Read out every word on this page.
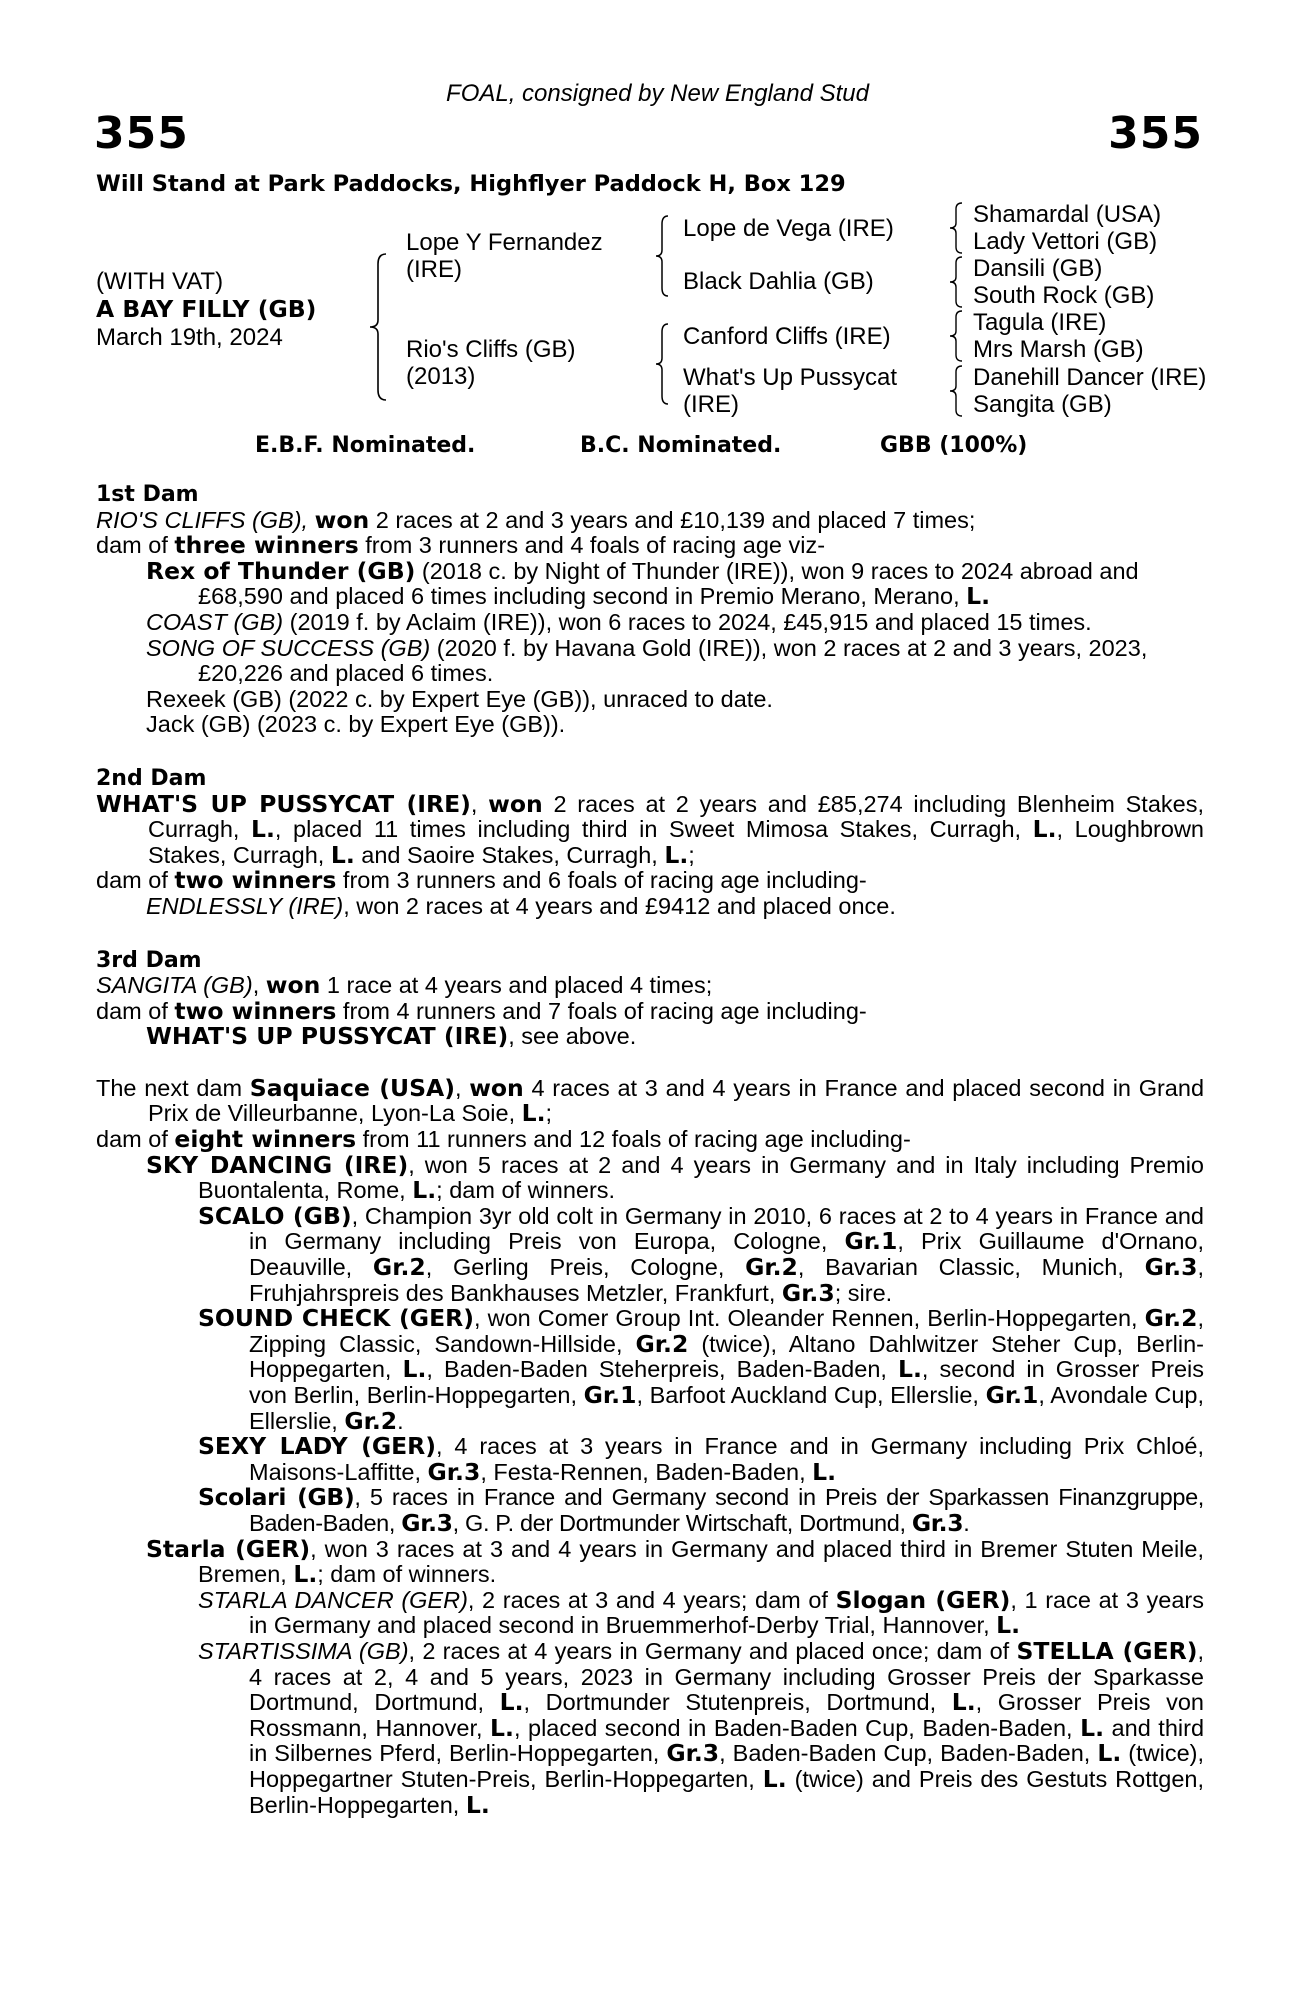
FOAL, consigned by New England Stud
355	355
Will Stand at Park Paddocks, Highflyer Paddock H, Box 129
(WITH VAT)
A BAY FILLY (GB)
March 19th, 2024
Lope Y Fernandez (IRE)
Rio's Cliffs (GB) (2013)
Lope de Vega (IRE)
Black Dahlia (GB)
Canford Cliffs (IRE)
What's Up Pussycat (IRE)
Shamardal (USA)
Lady Vettori (GB)
Dansili (GB)
South Rock (GB)
Tagula (IRE)
Mrs Marsh (GB)
Danehill Dancer (IRE)
Sangita (GB)
E.B.F. Nominated.	B.C. Nominated.	GBB (100%)

1st Dam

RIO'S CLIFFS (GB), won 2 races at 2 and 3 years and £10,139 and placed 7 times;

dam of three winners from 3 runners and 4 foals of racing age viz-

Rex of Thunder (GB) (2018 c. by Night of Thunder (IRE)), won 9 races to 2024 abroad and £68,590 and placed 6 times including second in Premio Merano, Merano, L.

COAST (GB) (2019 f. by Aclaim (IRE)), won 6 races to 2024, £45,915 and placed 15 times.

SONG OF SUCCESS (GB) (2020 f. by Havana Gold (IRE)), won 2 races at 2 and 3 years, 2023, £20,226 and placed 6 times.

Rexeek (GB) (2022 c. by Expert Eye (GB)), unraced to date.

Jack (GB) (2023 c. by Expert Eye (GB)).

2nd Dam

WHAT'S UP PUSSYCAT (IRE), won 2 races at 2 years and £85,274 including Blenheim Stakes, Curragh, L., placed 11 times including third in Sweet Mimosa Stakes, Curragh, L., Loughbrown Stakes, Curragh, L. and Saoire Stakes, Curragh, L.;

dam of two winners from 3 runners and 6 foals of racing age including-

ENDLESSLY (IRE), won 2 races at 4 years and £9412 and placed once.

3rd Dam

SANGITA (GB), won 1 race at 4 years and placed 4 times;

dam of two winners from 4 runners and 7 foals of racing age including-

WHAT'S UP PUSSYCAT (IRE), see above.

The next dam Saquiace (USA), won 4 races at 3 and 4 years in France and placed second in Grand Prix de Villeurbanne, Lyon-La Soie, L.;

dam of eight winners from 11 runners and 12 foals of racing age including-

SKY DANCING (IRE), won 5 races at 2 and 4 years in Germany and in Italy including Premio Buontalenta, Rome, L.; dam of winners.

SCALO (GB), Champion 3yr old colt in Germany in 2010, 6 races at 2 to 4 years in France and in Germany including Preis von Europa, Cologne, Gr.1, Prix Guillaume d'Ornano, Deauville, Gr.2, Gerling Preis, Cologne, Gr.2, Bavarian Classic, Munich, Gr.3, Fruhjahrspreis des Bankhauses Metzler, Frankfurt, Gr.3; sire.

SOUND CHECK (GER), won Comer Group Int. Oleander Rennen, Berlin-Hoppegarten, Gr.2, Zipping Classic, Sandown-Hillside, Gr.2 (twice), Altano Dahlwitzer Steher Cup, Berlin-Hoppegarten, L., Baden-Baden Steherpreis, Baden-Baden, L., second in Grosser Preis von Berlin, Berlin-Hoppegarten, Gr.1, Barfoot Auckland Cup, Ellerslie, Gr.1, Avondale Cup, Ellerslie, Gr.2.

SEXY LADY (GER), 4 races at 3 years in France and in Germany including Prix Chloé, Maisons-Laffitte, Gr.3, Festa-Rennen, Baden-Baden, L.

Scolari (GB), 5 races in France and Germany second in Preis der Sparkassen Finanzgruppe, Baden-Baden, Gr.3, G. P. der Dortmunder Wirtschaft, Dortmund, Gr.3.

Starla (GER), won 3 races at 3 and 4 years in Germany and placed third in Bremer Stuten Meile, Bremen, L.; dam of winners.

STARLA DANCER (GER), 2 races at 3 and 4 years; dam of Slogan (GER), 1 race at 3 years in Germany and placed second in Bruemmerhof-Derby Trial, Hannover, L.

STARTISSIMA (GB), 2 races at 4 years in Germany and placed once; dam of STELLA (GER), 4 races at 2, 4 and 5 years, 2023 in Germany including Grosser Preis der Sparkasse Dortmund, Dortmund, L., Dortmunder Stutenpreis, Dortmund, L., Grosser Preis von Rossmann, Hannover, L., placed second in Baden-Baden Cup, Baden-Baden, L. and third in Silbernes Pferd, Berlin-Hoppegarten, Gr.3, Baden-Baden Cup, Baden-Baden, L. (twice), Hoppegartner Stuten-Preis, Berlin-Hoppegarten, L. (twice) and Preis des Gestuts Rottgen, Berlin-Hoppegarten, L.
